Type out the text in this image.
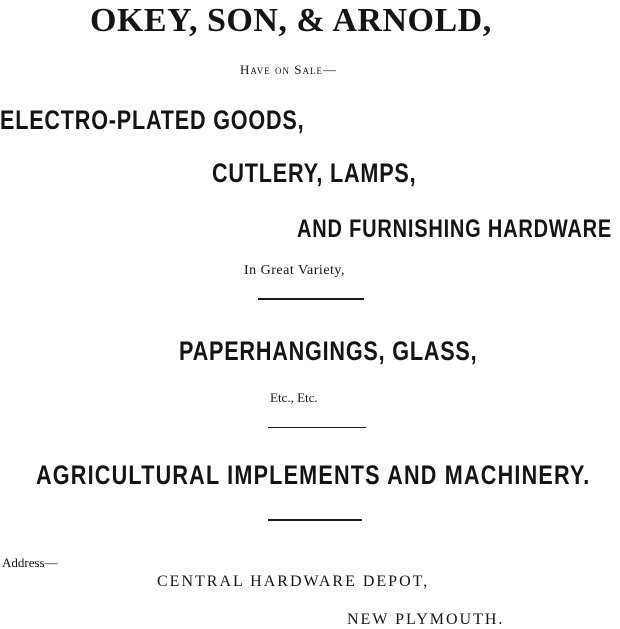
OKEY, SON, & ARNOLD,

Have on Sale—

ELECTRO-PLATED GOODS,

CUTLERY, LAMPS,

AND FURNISHING HARDWARE

In Great Variety,

PAPERHANGINGS, GLASS,

Etc., Etc.

AGRICULTURAL IMPLEMENTS AND MACHINERY.

Address—

CENTRAL HARDWARE DEPOT,

NEW PLYMOUTH.
